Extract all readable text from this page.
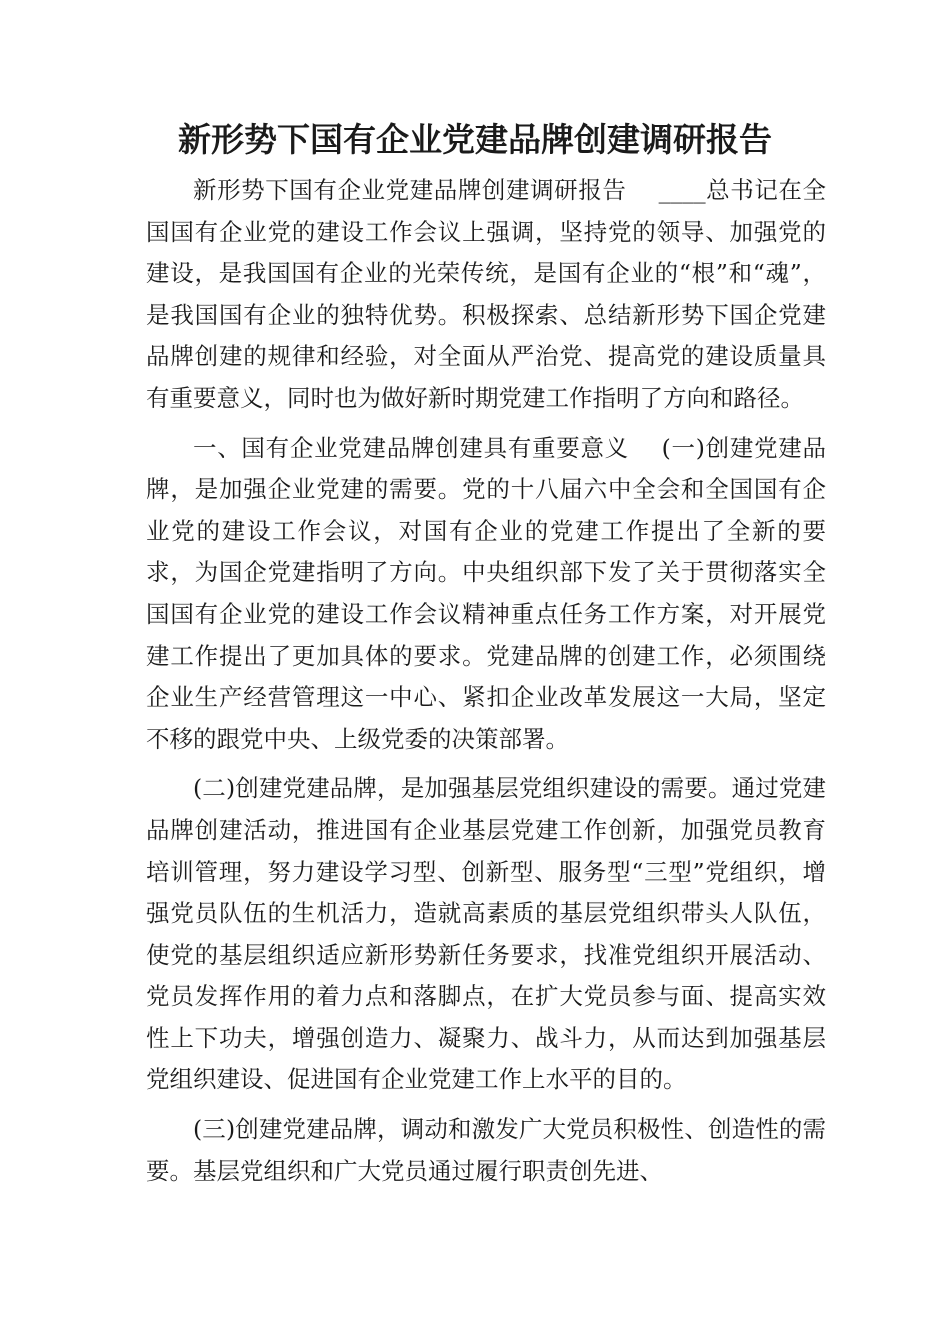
新形势下国有企业党建品牌创建调研报告

新形势下国有企业党建品牌创建调研报告    ____总书记在全国国有企业党的建设工作会议上强调，坚持党的领导、加强党的建设，是我国国有企业的光荣传统，是国有企业的“根”和“魂”，是我国国有企业的独特优势。积极探索、总结新形势下国企党建品牌创建的规律和经验，对全面从严治党、提高党的建设质量具有重要意义，同时也为做好新时期党建工作指明了方向和路径。

一、国有企业党建品牌创建具有重要意义    (一)创建党建品牌，是加强企业党建的需要。党的十八届六中全会和全国国有企业党的建设工作会议，对国有企业的党建工作提出了全新的要求，为国企党建指明了方向。中央组织部下发了关于贯彻落实全国国有企业党的建设工作会议精神重点任务工作方案，对开展党建工作提出了更加具体的要求。党建品牌的创建工作，必须围绕企业生产经营管理这一中心、紧扣企业改革发展这一大局，坚定不移的跟党中央、上级党委的决策部署。

(二)创建党建品牌，是加强基层党组织建设的需要。通过党建品牌创建活动，推进国有企业基层党建工作创新，加强党员教育培训管理，努力建设学习型、创新型、服务型“三型”党组织，增强党员队伍的生机活力，造就高素质的基层党组织带头人队伍，使党的基层组织适应新形势新任务要求，找准党组织开展活动、党员发挥作用的着力点和落脚点，在扩大党员参与面、提高实效性上下功夫，增强创造力、凝聚力、战斗力，从而达到加强基层党组织建设、促进国有企业党建工作上水平的目的。

(三)创建党建品牌，调动和激发广大党员积极性、创造性的需要。基层党组织和广大党员通过履行职责创先进、
